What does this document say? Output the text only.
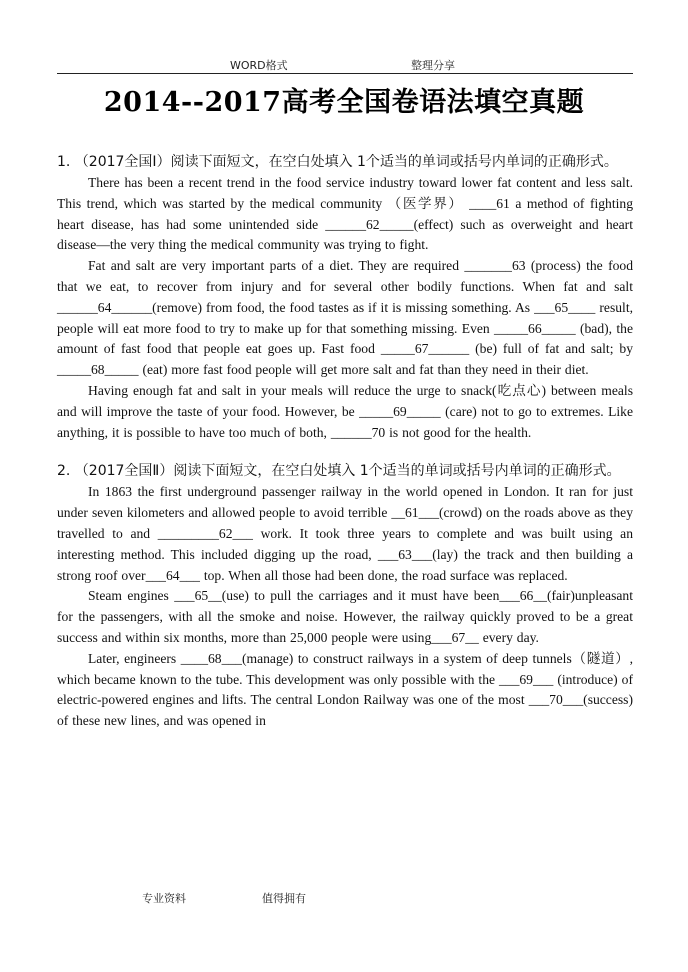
WORD格式	整理分享
2014--2017高考全国卷语法填空真题

1. （2017全国Ⅰ）阅读下面短文，在空白处填入 1个适当的单词或括号内单词的正确形式。

There has been a recent trend in the food service industry toward lower fat content and less salt. This trend, which was started by the medical community （医学界） ____61 a method of fighting heart disease, has had some unintended side ______62_____(effect) such as overweight and heart disease—the very thing the medical community was trying to fight.

Fat and salt are very important parts of a diet. They are required _______63 (process) the food that we eat, to recover from injury and for several other bodily functions. When fat and salt ______64______(remove) from food, the food tastes as if it is missing something. As ___65____ result, people will eat more food to try to make up for that something missing. Even _____66_____ (bad), the amount of fast food that people eat goes up. Fast food _____67______ (be) full of fat and salt; by _____68_____ (eat) more fast food people will get more salt and fat than they need in their diet.

Having enough fat and salt in your meals will reduce the urge to snack(吃点心) between meals and will improve the taste of your food. However, be _____69_____ (care) not to go to extremes. Like anything, it is possible to have too much of both, ______70 is not good for the health.

2. （2017全国Ⅱ）阅读下面短文，在空白处填入 1个适当的单词或括号内单词的正确形式。

In 1863 the first underground passenger railway in the world opened in London. It ran for just under seven kilometers and allowed people to avoid terrible __61___(crowd) on the roads above as they travelled to and _________62___ work. It took three years to complete and was built using an interesting method. This included digging up the road, ___63___(lay) the track and then building a strong roof over___64___ top. When all those had been done, the road surface was replaced.

Steam engines ___65__(use) to pull the carriages and it must have been___66__(fair)unpleasant for the passengers, with all the smoke and noise. However, the railway quickly proved to be a great success and within six months, more than 25,000 people were using___67__ every day.

Later, engineers ____68___(manage) to construct railways in a system of deep tunnels（隧道）, which became known to the tube. This development was only possible with the ___69___ (introduce) of electric-powered engines and lifts. The central London Railway was one of the most ___70___(success) of these new lines, and was opened in

专业资料	值得拥有
